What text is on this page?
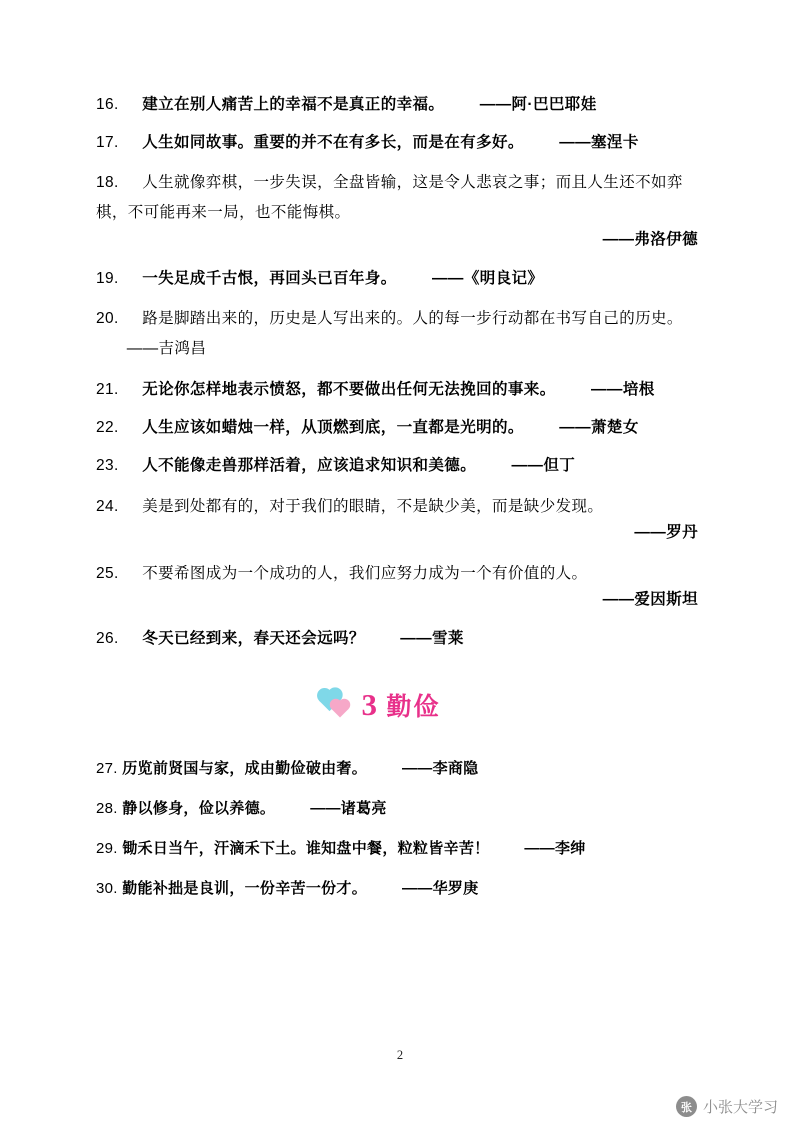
16. 建立在别人痛苦上的幸福不是真正的幸福。 ——阿·巴巴耶娃
17. 人生如同故事。重要的并不在有多长，而是在有多好。 ——塞涅卡
18. 人生就像弈棋，一步失误，全盘皆输，这是令人悲哀之事；而且人生还不如弈棋，不可能再来一局，也不能悔棋。
——弗洛伊德
19. 一失足成千古恨，再回头已百年身。 ——《明良记》
20. 路是脚踏出来的，历史是人写出来的。人的每一步行动都在书写自己的历史。  ——吉鸿昌
21. 无论你怎样地表示愤怒，都不要做出任何无法挽回的事来。 ——培根
22. 人生应该如蜡烛一样，从顶燃到底，一直都是光明的。 ——萧楚女
23. 人不能像走兽那样活着，应该追求知识和美德。 ——但丁
24. 美是到处都有的，对于我们的眼睛，不是缺少美，而是缺少发现。
——罗丹
25. 不要希图成为一个成功的人，我们应努力成为一个有价值的人。
——爱因斯坦
26. 冬天已经到来，春天还会远吗？ ——雪莱
3 勤俭
27. 历览前贤国与家，成由勤俭破由奢。 ——李商隐
28. 静以修身，俭以养德。 ——诸葛亮
29. 锄禾日当午，汗滴禾下土。谁知盘中餐，粒粒皆辛苦！ ——李绅
30. 勤能补拙是良训，一份辛苦一份才。 ——华罗庚
2
张 小张大学习
